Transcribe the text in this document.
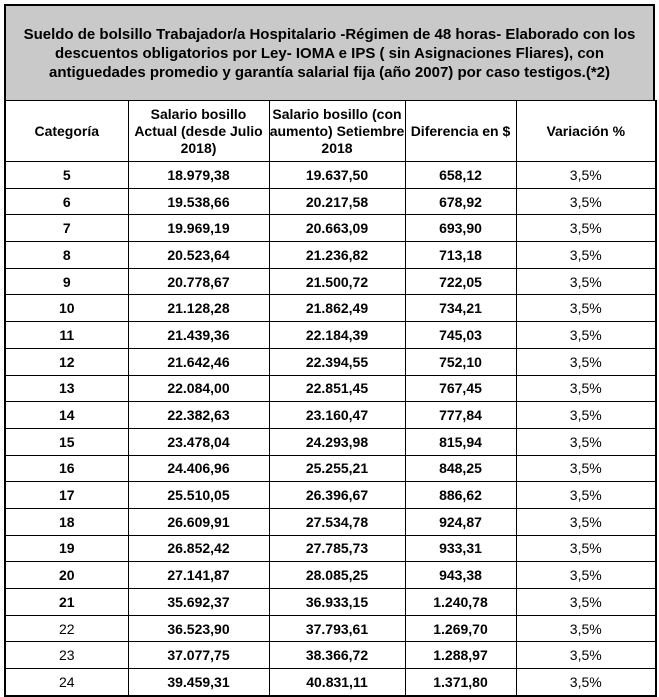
Sueldo de bolsillo Trabajador/a Hospitalario -Régimen de 48 horas- Elaborado con los descuentos obligatorios por Ley- IOMA e IPS ( sin Asignaciones Fliares), con antiguedades promedio y garantía salarial fija (año 2007) por caso testigos.(*2)
Categoría	Salario bosillo Actual (desde Julio 2018)	Salario bosillo (con aumento) Setiembre 2018	Diferencia en $	Variación %
5	18.979,38	19.637,50	658,12	3,5%
6	19.538,66	20.217,58	678,92	3,5%
7	19.969,19	20.663,09	693,90	3,5%
8	20.523,64	21.236,82	713,18	3,5%
9	20.778,67	21.500,72	722,05	3,5%
10	21.128,28	21.862,49	734,21	3,5%
11	21.439,36	22.184,39	745,03	3,5%
12	21.642,46	22.394,55	752,10	3,5%
13	22.084,00	22.851,45	767,45	3,5%
14	22.382,63	23.160,47	777,84	3,5%
15	23.478,04	24.293,98	815,94	3,5%
16	24.406,96	25.255,21	848,25	3,5%
17	25.510,05	26.396,67	886,62	3,5%
18	26.609,91	27.534,78	924,87	3,5%
19	26.852,42	27.785,73	933,31	3,5%
20	27.141,87	28.085,25	943,38	3,5%
21	35.692,37	36.933,15	1.240,78	3,5%
22	36.523,90	37.793,61	1.269,70	3,5%
23	37.077,75	38.366,72	1.288,97	3,5%
24	39.459,31	40.831,11	1.371,80	3,5%
